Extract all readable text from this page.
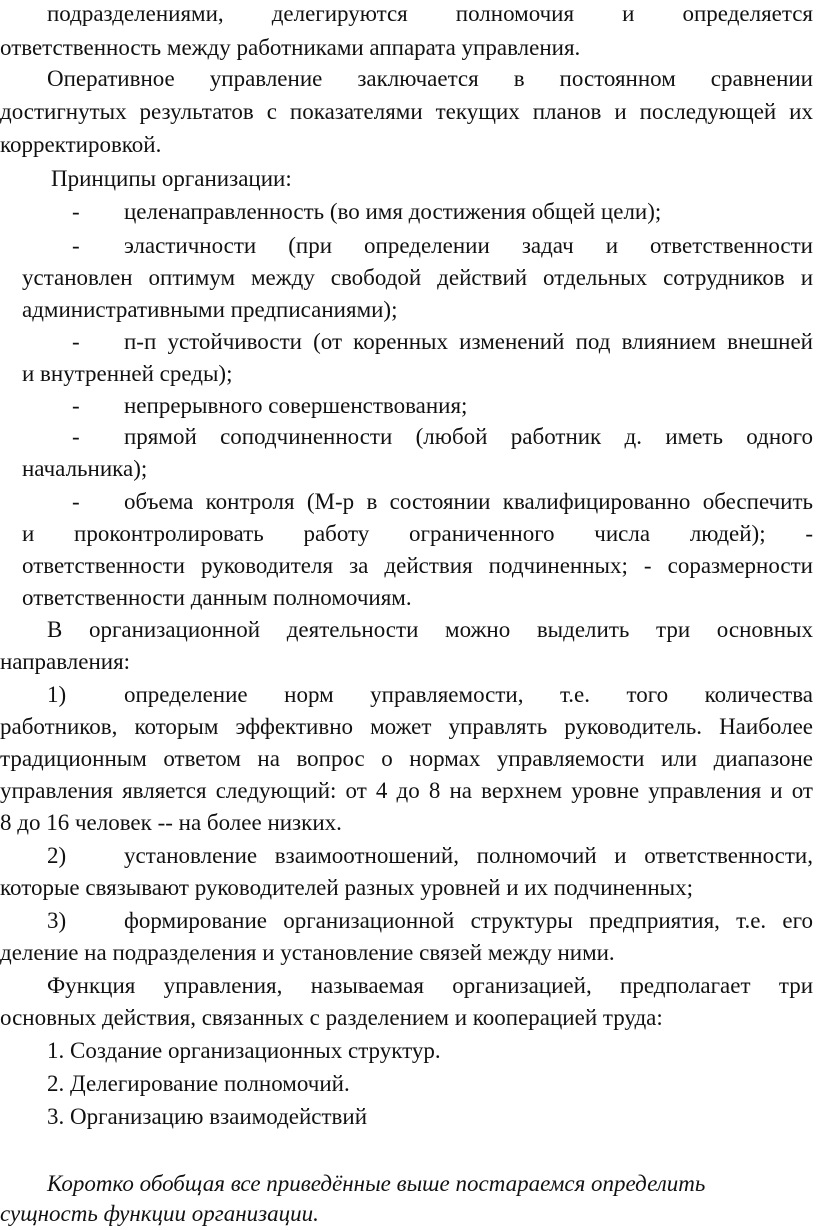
подразделениями, делегируются полномочия и определяется

ответственность между работниками аппарата управления.

Оперативное управление заключается в постоянном сравнении

достигнутых результатов с показателями текущих планов и последующей их

корректировкой.

Принципы организации:

- целенаправленность (во имя достижения общей цели);

- эластичности (при определении задач и ответственности

установлен оптимум между свободой действий отдельных сотрудников и

административными предписаниями);

- п-п устойчивости (от коренных изменений под влиянием внешней

и внутренней среды);

- непрерывного совершенствования;

- прямой соподчиненности (любой работник д. иметь одного

начальника);

- объема контроля (М-р в состоянии квалифицированно обеспечить

и проконтролировать работу ограниченного числа людей); -

ответственности руководителя за действия подчиненных; - соразмерности

ответственности данным полномочиям.

В организационной деятельности можно выделить три основных

направления:

1)	определение норм управляемости, т.е. того количества

работников, которым эффективно может управлять руководитель. Наиболее

традиционным ответом на вопрос о нормах управляемости или диапазоне

управления является следующий: от 4 до 8 на верхнем уровне управления и от

8 до 16 человек -- на более низких.

2)	установление взаимоотношений, полномочий и ответственности,

которые связывают руководителей разных уровней и их подчиненных;

3)	формирование организационной структуры предприятия, т.е. его

деление на подразделения и установление связей между ними.

Функция управления, называемая организацией, предполагает три

основных действия, связанных с разделением и кооперацией труда:

1. Создание организационных структур.

2. Делегирование полномочий.

3. Организацию взаимодействий

Коротко обобщая все приведённые выше постараемся определить

сущность функции организации.
